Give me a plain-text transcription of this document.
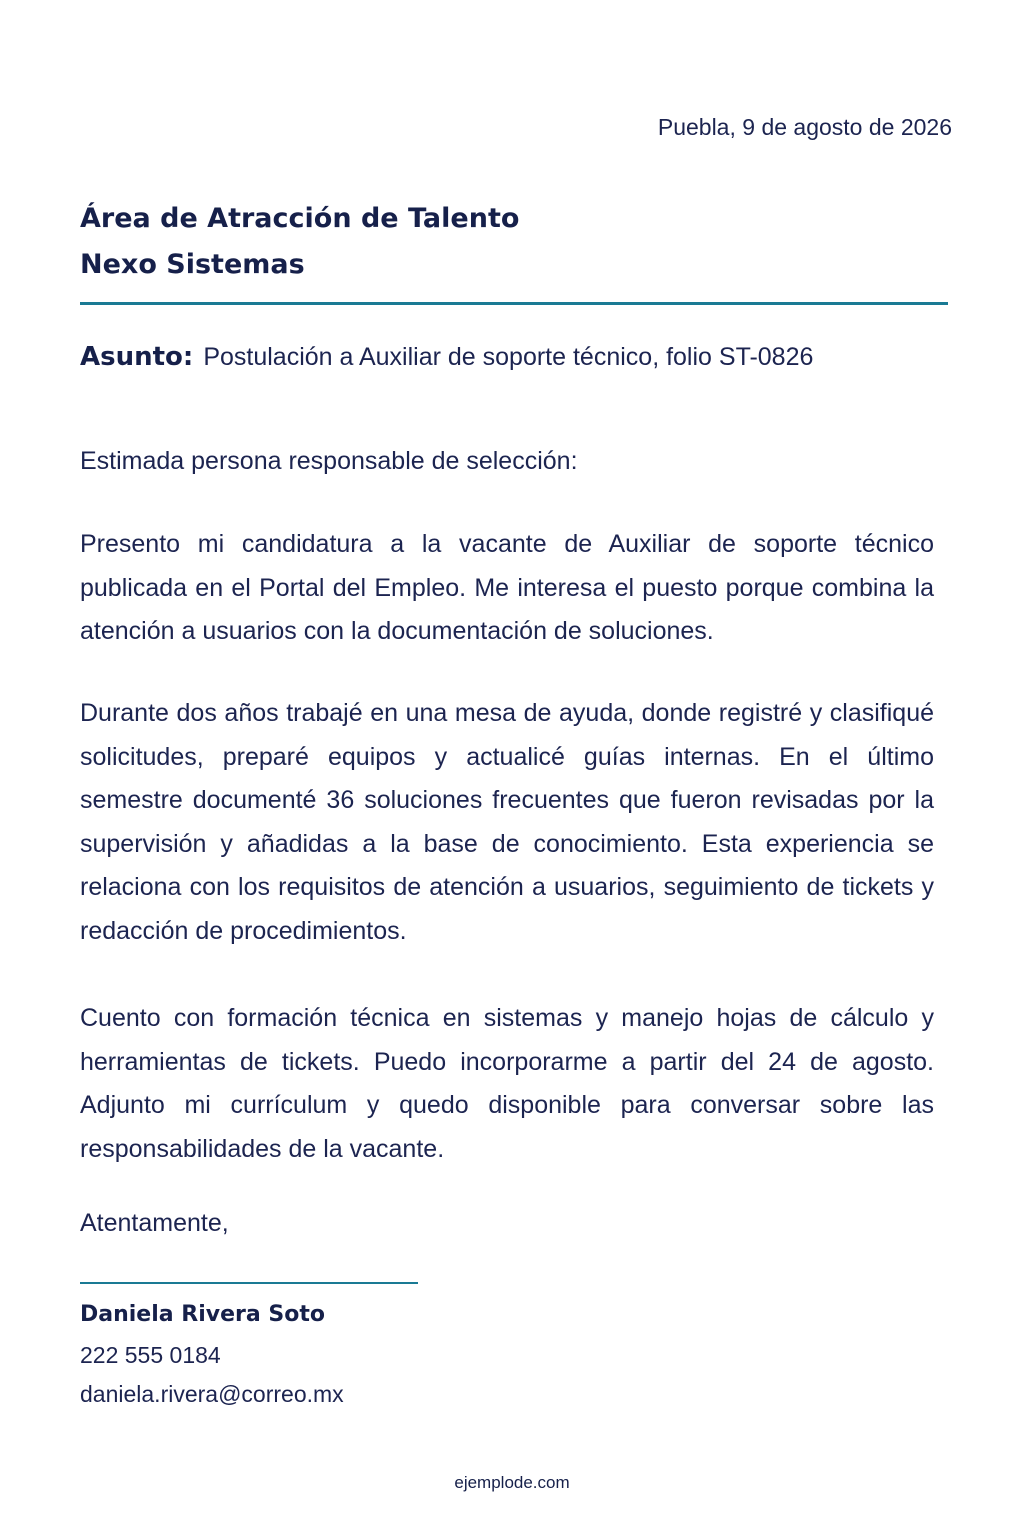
Puebla, 9 de agosto de 2026
Área de Atracción de Talento
Nexo Sistemas
Asunto: Postulación a Auxiliar de soporte técnico, folio ST-0826
Estimada persona responsable de selección:

Presento mi candidatura a la vacante de Auxiliar de soporte técnico publicada en el Portal del Empleo. Me interesa el puesto porque combina la atención a usuarios con la documentación de soluciones.

Durante dos años trabajé en una mesa de ayuda, donde registré y clasifiqué solicitudes, preparé equipos y actualicé guías internas. En el último semestre documenté 36 soluciones frecuentes que fueron revisadas por la supervisión y añadidas a la base de conocimiento. Esta experiencia se relaciona con los requisitos de atención a usuarios, seguimiento de tickets y redacción de procedimientos.

Cuento con formación técnica en sistemas y manejo hojas de cálculo y herramientas de tickets. Puedo incorporarme a partir del 24 de agosto. Adjunto mi currículum y quedo disponible para conversar sobre las responsabilidades de la vacante.

Atentamente,
Daniela Rivera Soto
222 555 0184
daniela.rivera@correo.mx
ejemplode.com
